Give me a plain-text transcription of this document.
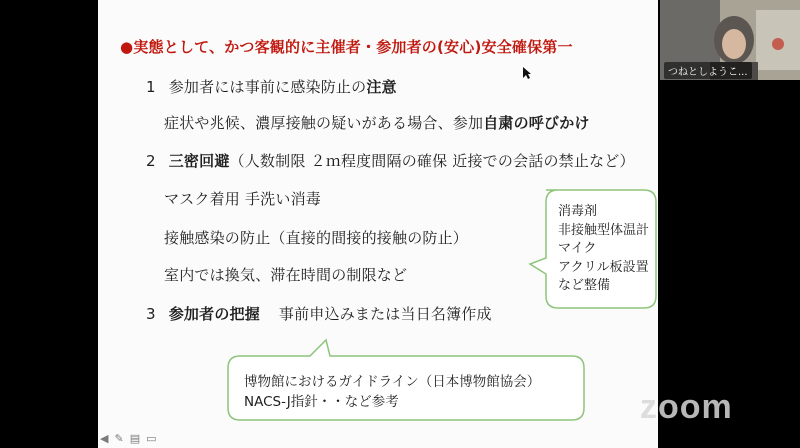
●実態として、かつ客観的に主催者・参加者の(安心)安全確保第一
1 参加者には事前に感染防止の注意
症状や兆候、濃厚接触の疑いがある場合、参加自粛の呼びかけ
2 三密回避（人数制限 ２ｍ程度間隔の確保 近接での会話の禁止など）
マスク着用 手洗い消毒
接触感染の防止（直接的間接的接触の防止）
室内では換気、滞在時間の制限など
3 参加者の把握 事前申込みまたは当日名簿作成
消毒剤
非接触型体温計
マイク
アクリル板設置
など整備
博物館におけるガイドライン（日本博物館協会）
NACS-J指針・・など参考
つねとしようこ...
zoom
◀ ✎ ▤ ▭
